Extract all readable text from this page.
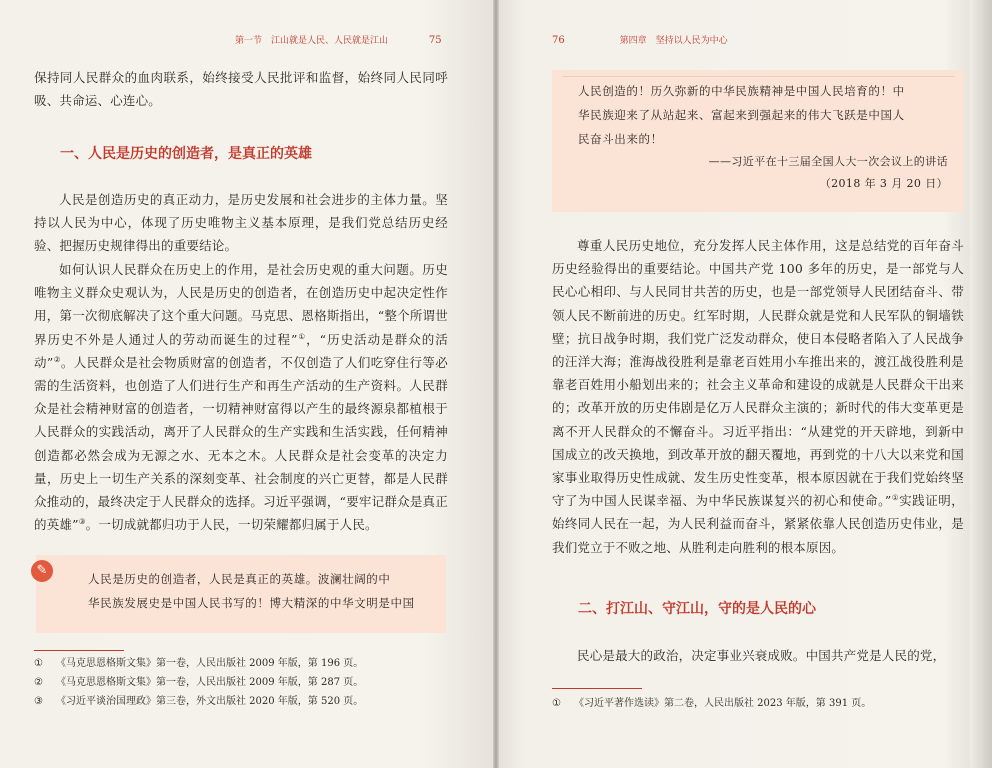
第一节　江山就是人民、人民就是江山	75
保持同人民群众的血肉联系，始终接受人民批评和监督，始终同人民同呼吸、共命运、心连心。
一、人民是历史的创造者，是真正的英雄
人民是创造历史的真正动力，是历史发展和社会进步的主体力量。坚持以人民为中心，体现了历史唯物主义基本原理，是我们党总结历史经验、把握历史规律得出的重要结论。
如何认识人民群众在历史上的作用，是社会历史观的重大问题。历史唯物主义群众史观认为，人民是历史的创造者，在创造历史中起决定性作用，第一次彻底解决了这个重大问题。马克思、恩格斯指出，“整个所谓世界历史不外是人通过人的劳动而诞生的过程”①，“历史活动是群众的活动”②。人民群众是社会物质财富的创造者，不仅创造了人们吃穿住行等必需的生活资料，也创造了人们进行生产和再生产活动的生产资料。人民群众是社会精神财富的创造者，一切精神财富得以产生的最终源泉都植根于人民群众的实践活动，离开了人民群众的生产实践和生活实践，任何精神创造都必然会成为无源之水、无本之木。人民群众是社会变革的决定力量，历史上一切生产关系的深刻变革、社会制度的兴亡更替，都是人民群众推动的，最终决定于人民群众的选择。习近平强调，“要牢记群众是真正的英雄”③。一切成就都归功于人民，一切荣耀都归属于人民。
人民是历史的创造者，人民是真正的英雄。波澜壮阔的中
华民族发展史是中国人民书写的！博大精深的中华文明是中国
✎
① 《马克思恩格斯文集》第一卷，人民出版社 2009 年版，第 196 页。
② 《马克思恩格斯文集》第一卷，人民出版社 2009 年版，第 287 页。
③ 《习近平谈治国理政》第三卷，外文出版社 2020 年版，第 520 页。
76	第四章　坚持以人民为中心
人民创造的！历久弥新的中华民族精神是中国人民培育的！中
华民族迎来了从站起来、富起来到强起来的伟大飞跃是中国人
民奋斗出来的！
——习近平在十三届全国人大一次会议上的讲话
（2018 年 3 月 20 日）
尊重人民历史地位，充分发挥人民主体作用，这是总结党的百年奋斗历史经验得出的重要结论。中国共产党 100 多年的历史，是一部党与人民心心相印、与人民同甘共苦的历史，也是一部党领导人民团结奋斗、带领人民不断前进的历史。红军时期，人民群众就是党和人民军队的铜墙铁壁；抗日战争时期，我们党广泛发动群众，使日本侵略者陷入了人民战争的汪洋大海；淮海战役胜利是靠老百姓用小车推出来的，渡江战役胜利是靠老百姓用小船划出来的；社会主义革命和建设的成就是人民群众干出来的；改革开放的历史伟剧是亿万人民群众主演的；新时代的伟大变革更是离不开人民群众的不懈奋斗。习近平指出：“从建党的开天辟地，到新中国成立的改天换地，到改革开放的翻天覆地，再到党的十八大以来党和国家事业取得历史性成就、发生历史性变革，根本原因就在于我们党始终坚守了为中国人民谋幸福、为中华民族谋复兴的初心和使命。”①实践证明，始终同人民在一起，为人民利益而奋斗，紧紧依靠人民创造历史伟业，是我们党立于不败之地、从胜利走向胜利的根本原因。
二、打江山、守江山，守的是人民的心
民心是最大的政治，决定事业兴衰成败。中国共产党是人民的党，
① 《习近平著作选读》第二卷，人民出版社 2023 年版，第 391 页。
